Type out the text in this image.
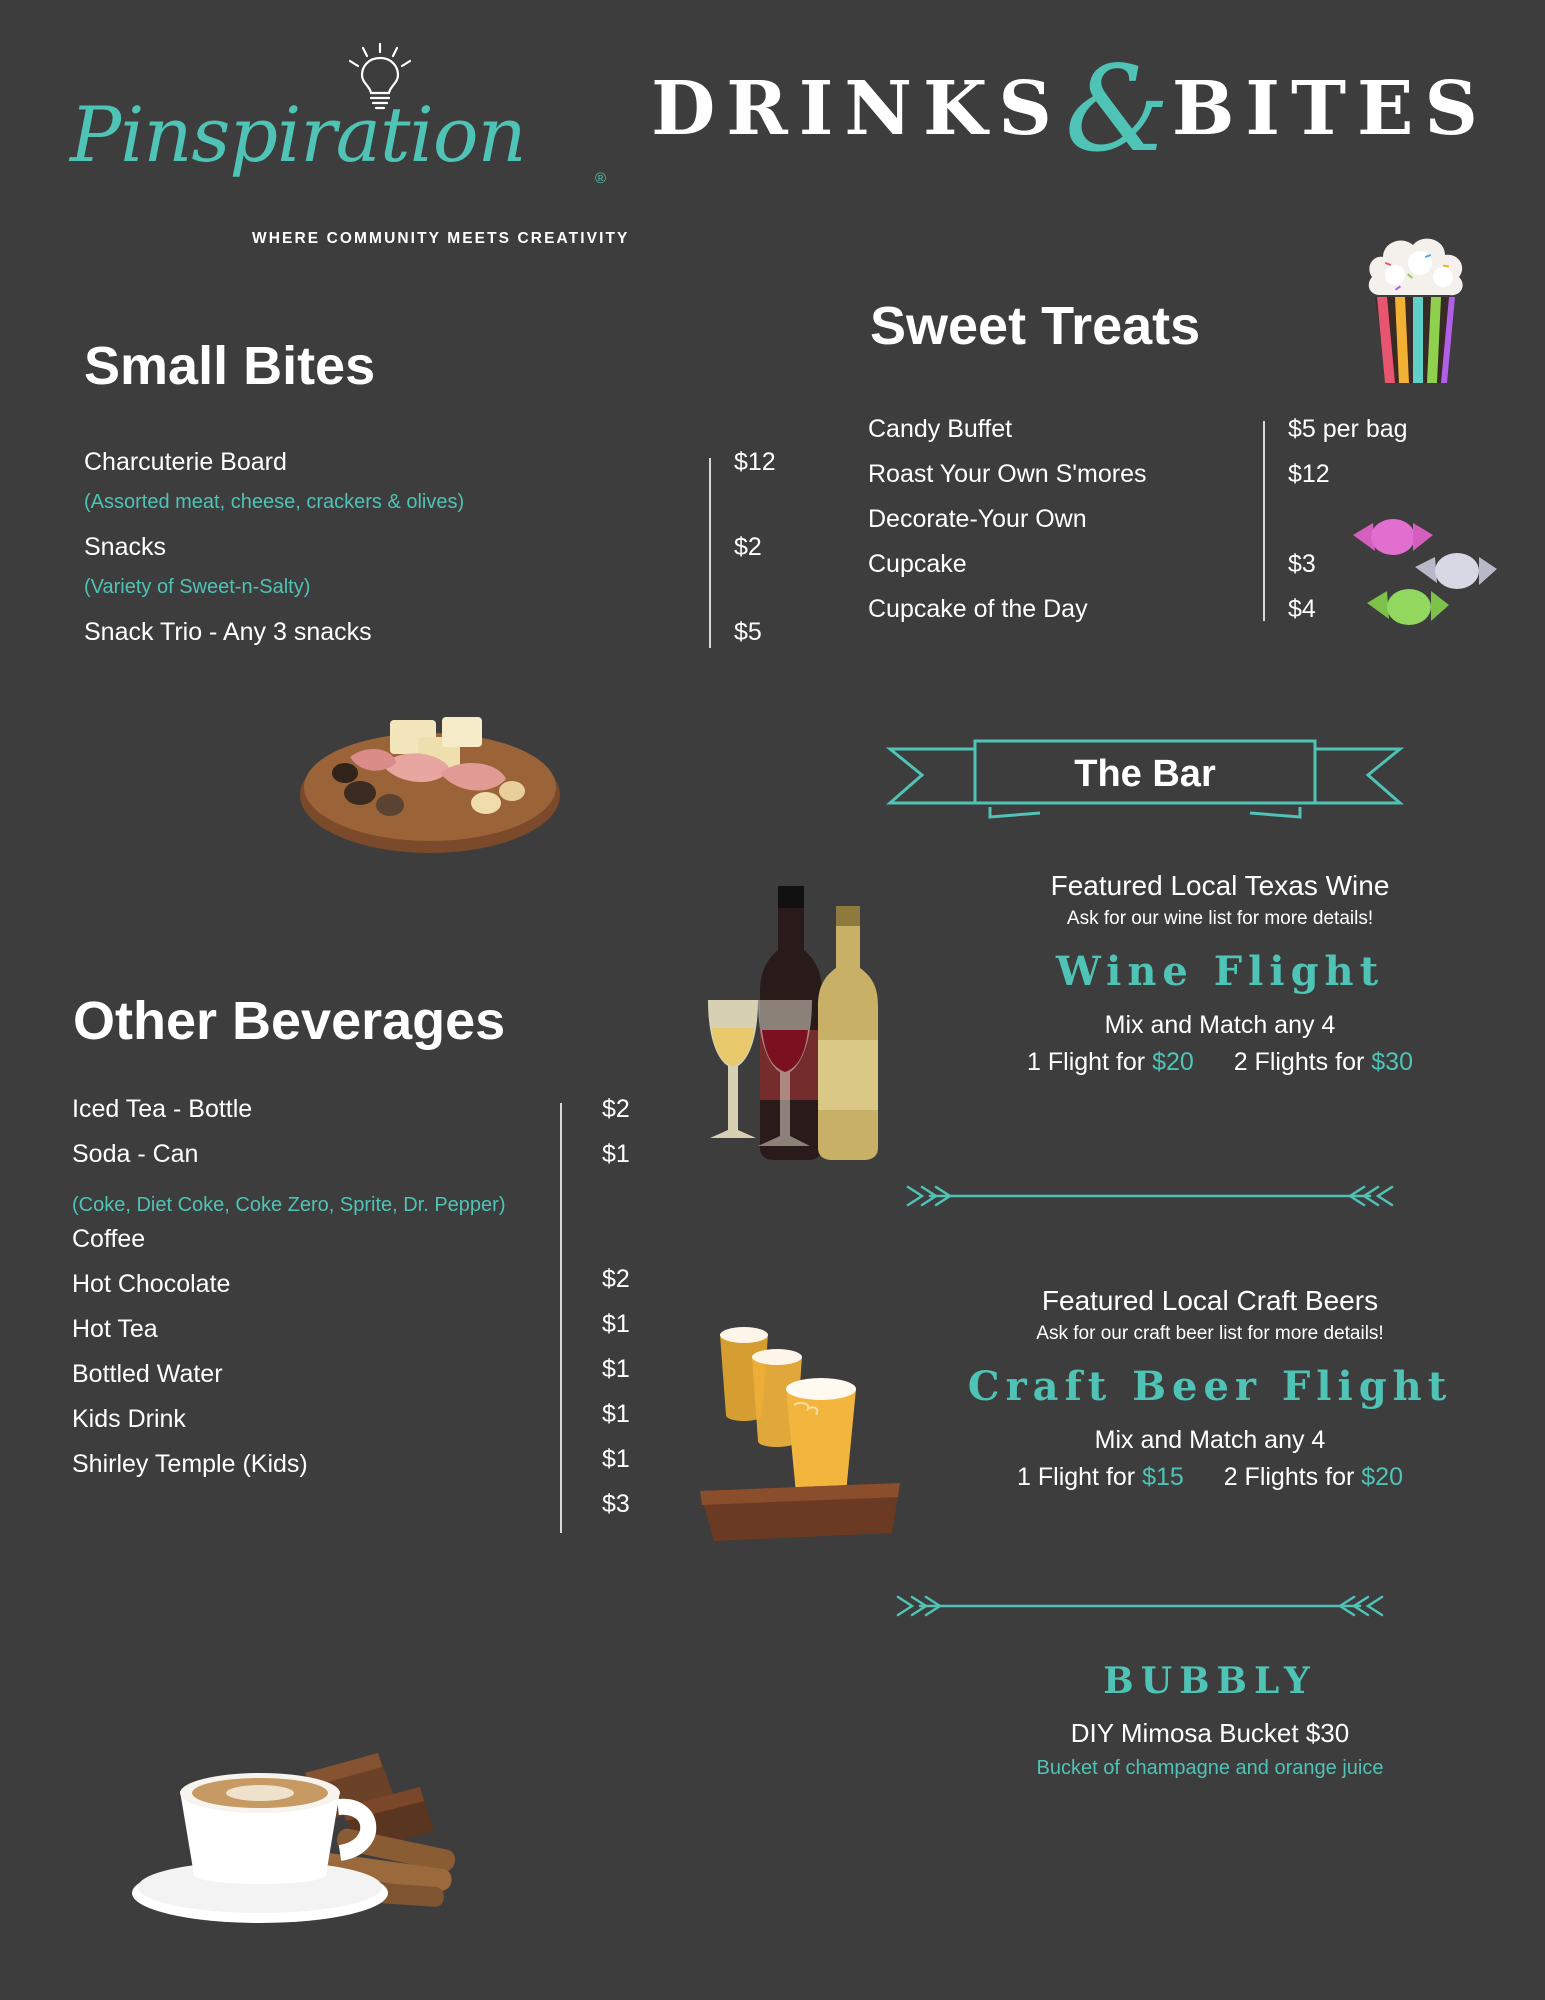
Pinspiration	®
WHERE COMMUNITY MEETS CREATIVITY
DRINKS&BITES
Small Bites
Charcuterie Board
(Assorted meat, cheese, crackers & olives)
Snacks
(Variety of Sweet-n-Salty)
Snack Trio - Any 3 snacks
$12

$2

$5
Sweet Treats
Candy Buffet
Roast Your Own S'mores
Decorate-Your Own
Cupcake
Cupcake of the Day
$5 per bag
$12
$3
$4
Other Beverages
Iced Tea - Bottle
Soda - Can
(Coke, Diet Coke, Coke Zero, Sprite, Dr. Pepper)
Coffee
Hot Chocolate
Hot Tea
Bottled Water
Kids Drink
Shirley Temple (Kids)
$2
$1

$2
$1
$1
$1
$1
$3
The Bar
Featured Local Texas Wine
Ask for our wine list for more details!
Wine Flight
Mix and Match any 4
1 Flight for $20 2 Flights for $30
Featured Local Craft Beers
Ask for our craft beer list for more details!
Craft Beer Flight
Mix and Match any 4
1 Flight for $15 2 Flights for $20
BUBBLY
DIY Mimosa Bucket $30
Bucket of champagne and orange juice
